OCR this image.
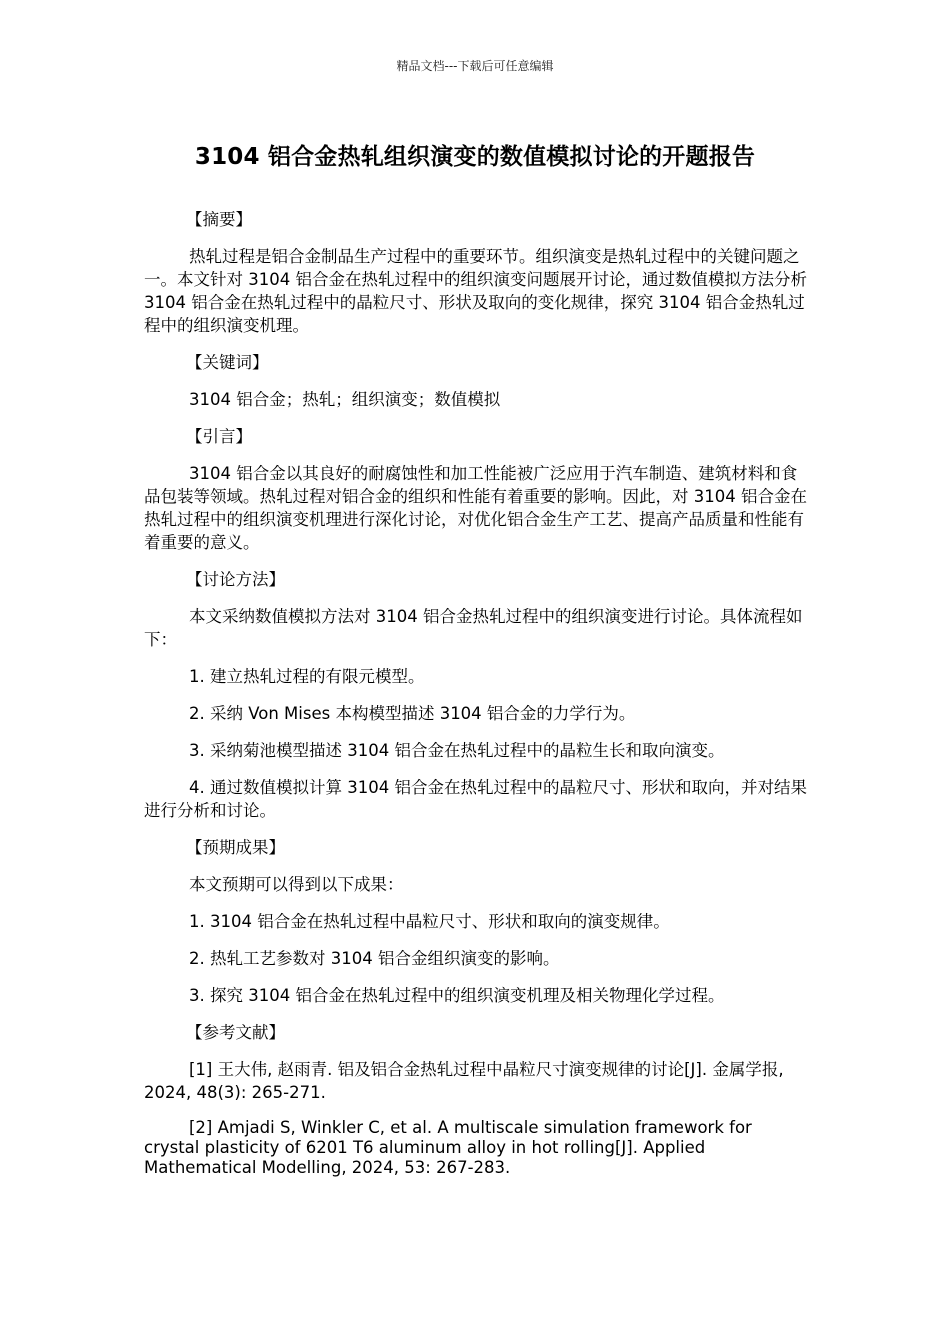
精品文档---下载后可任意编辑
3104 铝合金热轧组织演变的数值模拟讨论的开题报告

【摘要】

热轧过程是铝合金制品生产过程中的重要环节。组织演变是热轧过程中的关键问题之一。本文针对 3104 铝合金在热轧过程中的组织演变问题展开讨论，通过数值模拟方法分析 3104 铝合金在热轧过程中的晶粒尺寸、形状及取向的变化规律，探究 3104 铝合金热轧过程中的组织演变机理。

【关键词】

3104 铝合金；热轧；组织演变；数值模拟

【引言】

3104 铝合金以其良好的耐腐蚀性和加工性能被广泛应用于汽车制造、建筑材料和食品包装等领域。热轧过程对铝合金的组织和性能有着重要的影响。因此，对 3104 铝合金在热轧过程中的组织演变机理进行深化讨论，对优化铝合金生产工艺、提高产品质量和性能有着重要的意义。

【讨论方法】

本文采纳数值模拟方法对 3104 铝合金热轧过程中的组织演变进行讨论。具体流程如下：

1. 建立热轧过程的有限元模型。

2. 采纳 Von Mises 本构模型描述 3104 铝合金的力学行为。

3. 采纳菊池模型描述 3104 铝合金在热轧过程中的晶粒生长和取向演变。

4. 通过数值模拟计算 3104 铝合金在热轧过程中的晶粒尺寸、形状和取向，并对结果进行分析和讨论。

【预期成果】

本文预期可以得到以下成果：

1. 3104 铝合金在热轧过程中晶粒尺寸、形状和取向的演变规律。

2. 热轧工艺参数对 3104 铝合金组织演变的影响。

3. 探究 3104 铝合金在热轧过程中的组织演变机理及相关物理化学过程。

【参考文献】

[1] 王大伟, 赵雨青. 铝及铝合金热轧过程中晶粒尺寸演变规律的讨论[J]. 金属学报, 2024, 48(3): 265-271.

[2] Amjadi S, Winkler C, et al. A multiscale simulation framework for crystal plasticity of 6201 T6 aluminum alloy in hot rolling[J]. Applied Mathematical Modelling, 2024, 53: 267-283.
